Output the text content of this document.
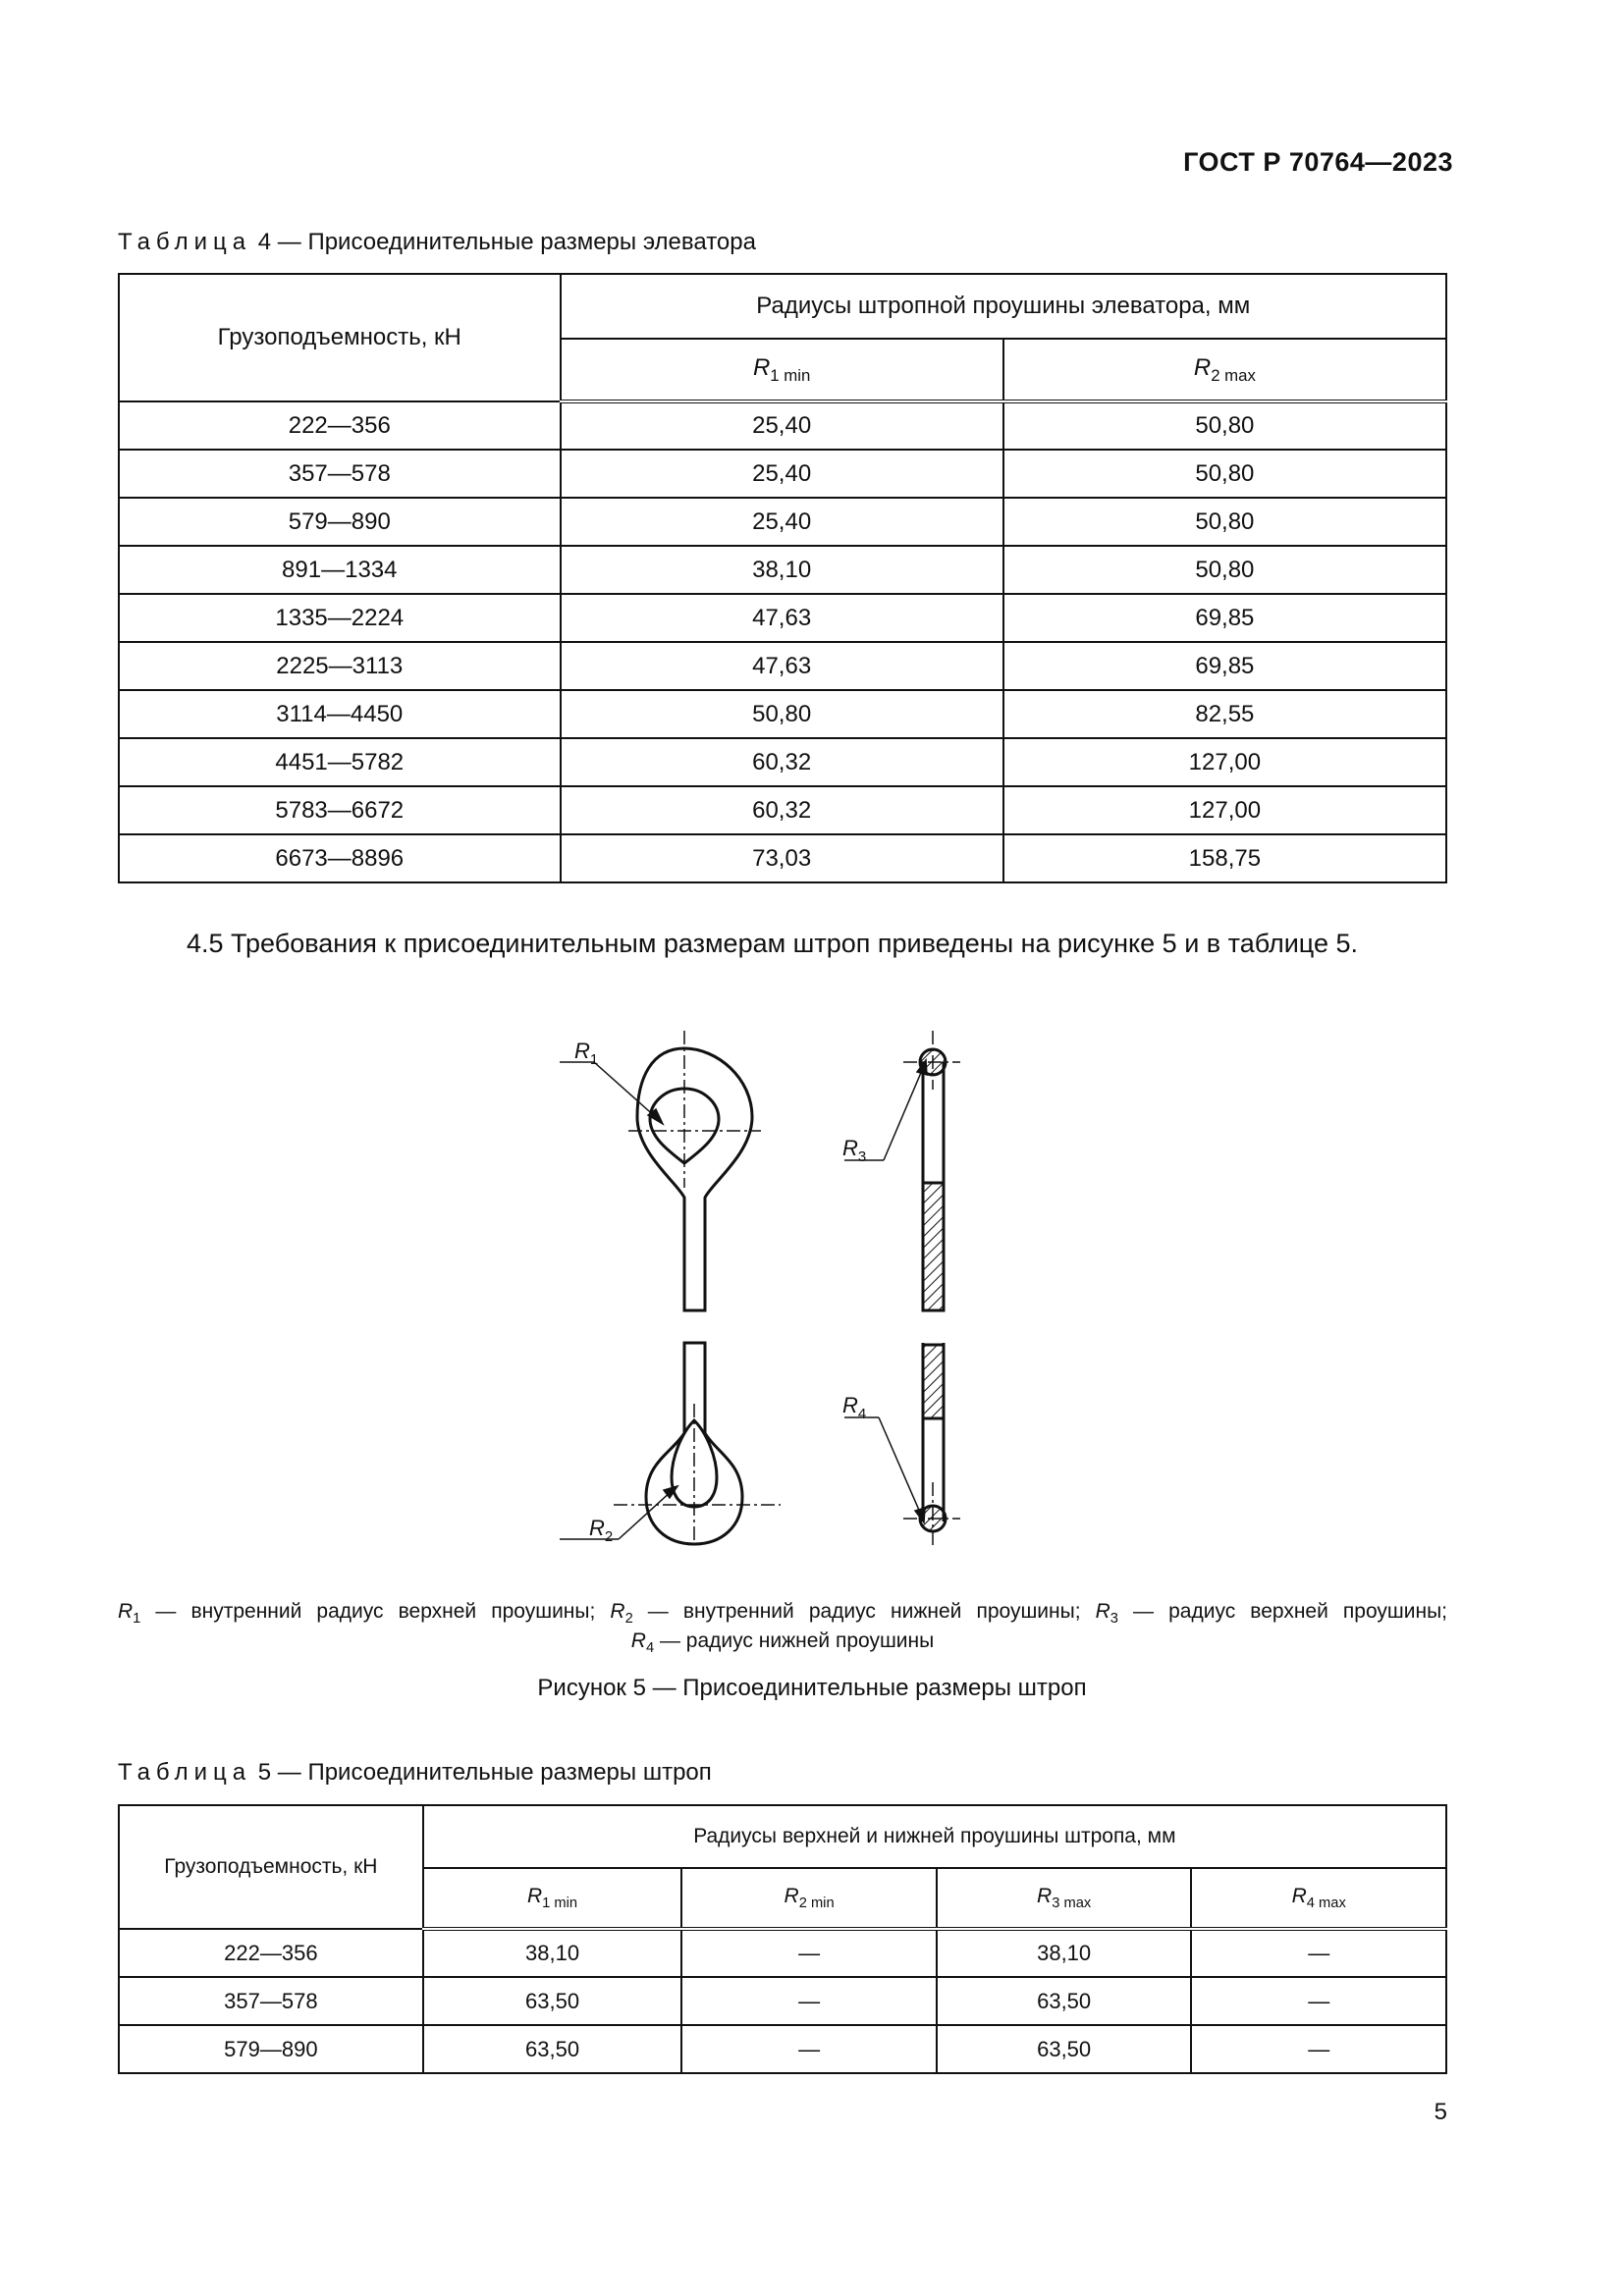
ГОСТ Р 70764—2023
Таблица 4 — Присоединительные размеры элеватора
Грузоподъемность, кН	Радиусы штропной проушины элеватора, мм	
	$R_{1 min}$	$R_{2 max}$
222—356	25,40	50,80
357—578	25,40	50,80
579—890	25,40	50,80
891—1334	38,10	50,80
1335—2224	47,63	69,85
2225—3113	47,63	69,85
3114—4450	50,80	82,55
4451—5782	60,32	127,00
5783—6672	60,32	127,00
6673—8896	73,03	158,75
4.5 Требования к присоединительным размерам штроп приведены на рисунке 5 и в таблице 5.
$R_1$
$R_2$
$R_3$
$R_4$
$R_1$ — внутренний радиус верхней проушины; $R_2$ — внутренний радиус нижней проушины; $R_3$ — радиус верхней проушины;
$R_4$ — радиус нижней проушины
Рисунок 5 — Присоединительные размеры штроп
Таблица 5 — Присоединительные размеры штроп
Грузоподъемность, кН	Радиусы верхней и нижней проушины штропа, мм			
	$R_{1 min}$	$R_{2 min}$	$R_{3 max}$	$R_{4 max}$
222—356	38,10	—	38,10	—
357—578	63,50	—	63,50	—
579—890	63,50	—	63,50	—
5
